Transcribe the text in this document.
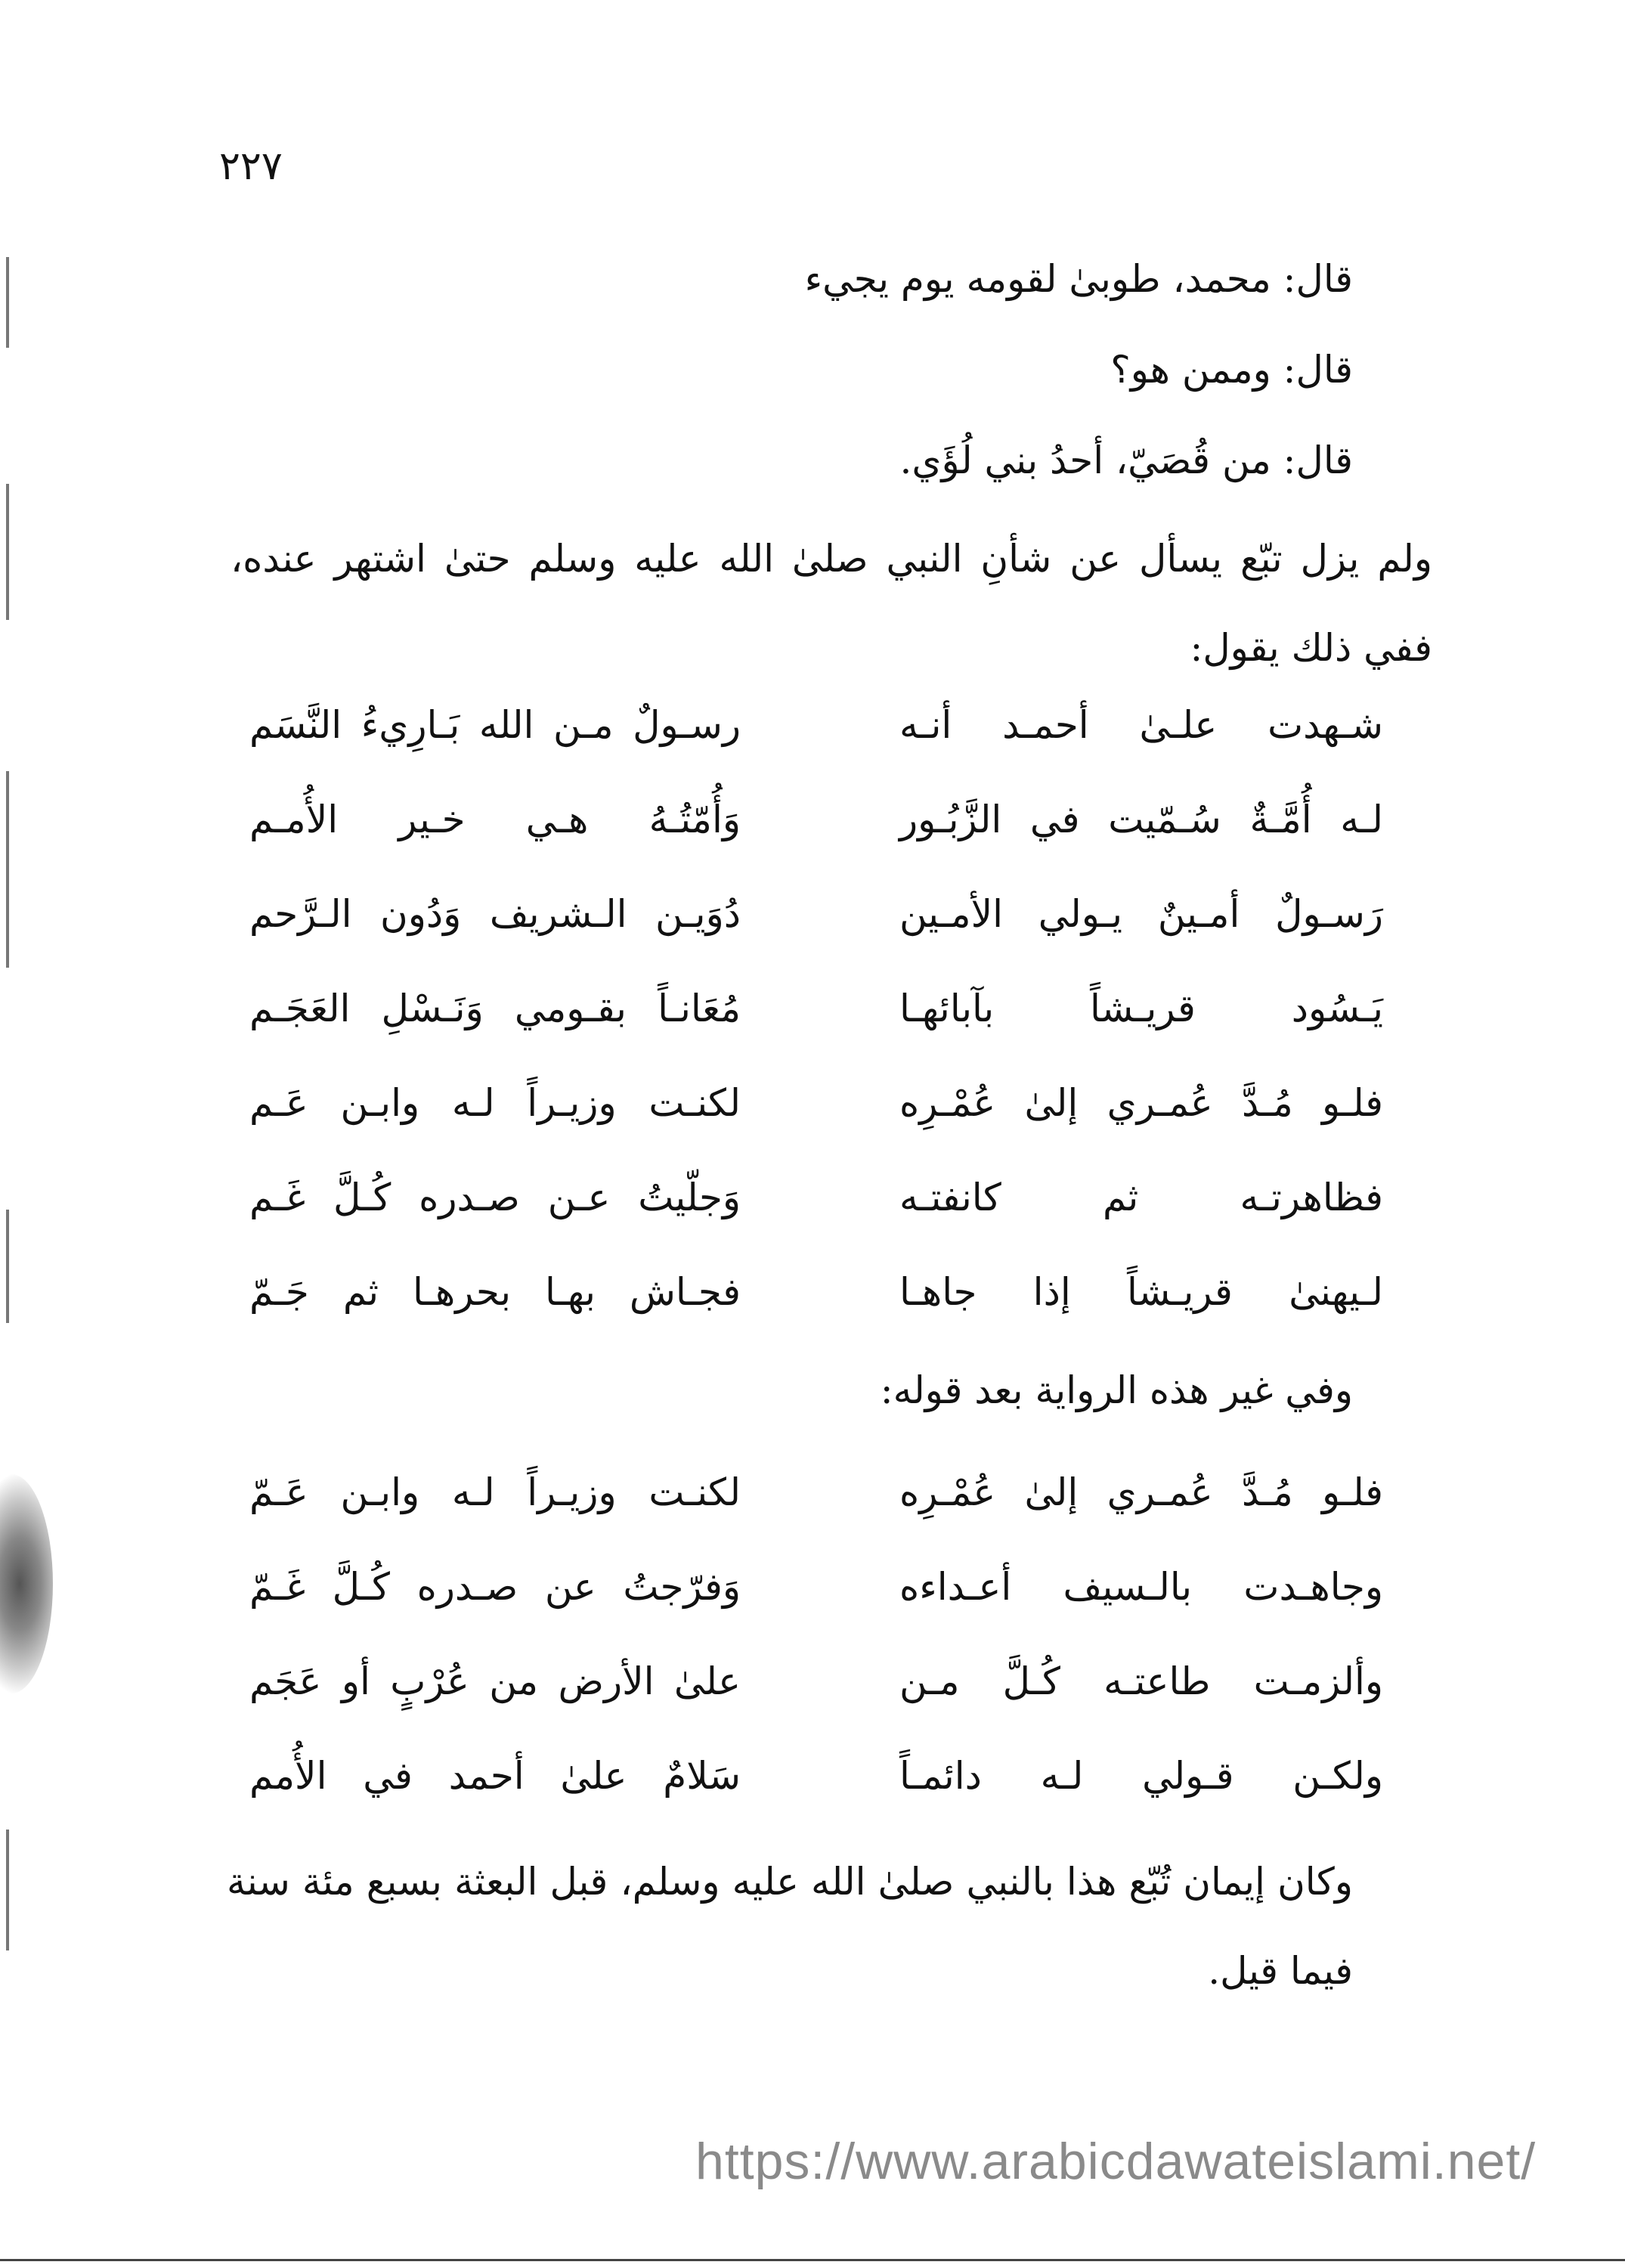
٢٢٧
قال: محمد، طوبىٰ لقومه يوم يجيء
قال: وممن هو؟
قال: من قُصَيّ، أحدُ بني لُؤَي.
ولم يزل تبّع يسأل عن شأنِ النبي صلىٰ الله عليه وسلم حتىٰ اشتهر عنده، ففي ذلك يقول:
شـهدت علـىٰ أحمـد أنـه
رسـولٌ مـن الله بَـارِيءُ النَّسَم
لـه أُمَّـةٌ سُـمّيت في الزَّبُـور
وَأُمّتُـهُ هـي خـير الأُمـم
رَسـولٌ أمـينٌ يـولي الأمـين
دُوَيـن الـشريف وَدُون الـرَّحم
يَـسُود قريـشاً بآبائهـا
مُعَانـاً بقـومي وَنَـسْلِ العَجَـم
فلـو مُـدَّ عُمـري إلىٰ عُمْـرِه
لكنـت وزيـراً لـه وابـن عَـم
فظاهرتـه ثم كانفتـه
وَجلّيتُ عـن صـدره كُـلَّ غَـم
لـيهنىٰ قريـشاً إذا جاهـا
فجـاش بهـا بحرهـا ثم جَـمّ
وفي غير هذه الرواية بعد قوله:
فلـو مُـدَّ عُمـري إلىٰ عُمْـرِه
لكنـت وزيـراً لـه وابـن عَـمّ
وجاهـدت بالـسيف أعـداءه
وَفرّجتُ عن صـدره كُـلَّ غَـمّ
وألزمـت طاعتـه كُـلَّ مـن
علىٰ الأرض من عُرْبٍ أو عَجَم
ولكـن قـولي لـه دائمـاً
سَلامٌ علىٰ أحمد في الأُمم
وكان إيمان تُبّع هذا بالنبي صلىٰ الله عليه وسلم، قبل البعثة بسبع مئة سنة فيما قيل.
https://www.arabicdawateislami.net/
